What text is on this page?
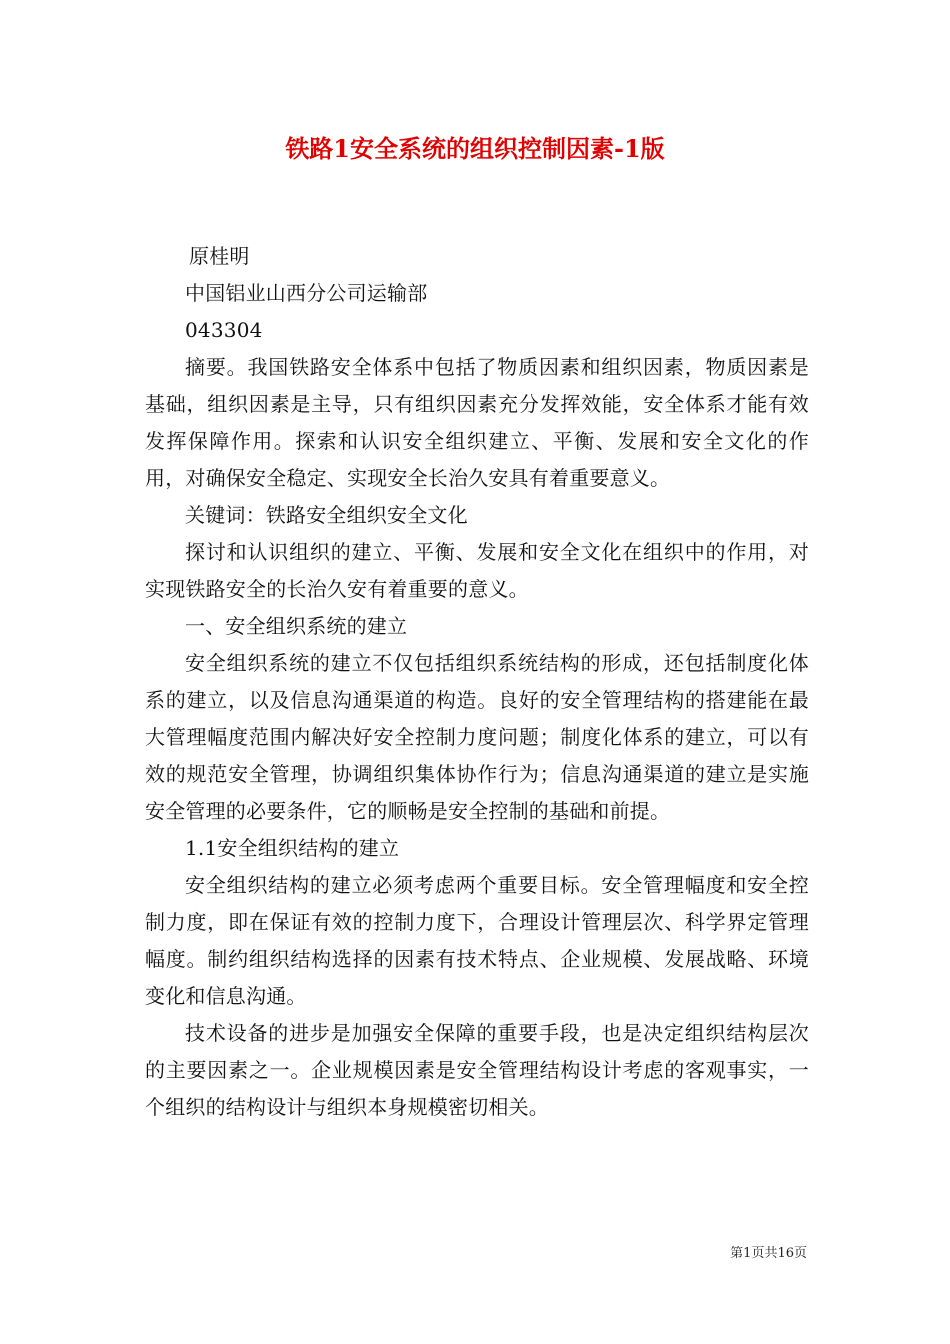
铁路1安全系统的组织控制因素-1版

原桂明

中国铝业山西分公司运输部

043304

摘要。我国铁路安全体系中包括了物质因素和组织因素，物质因素是基础，组织因素是主导，只有组织因素充分发挥效能，安全体系才能有效发挥保障作用。探索和认识安全组织建立、平衡、发展和安全文化的作用，对确保安全稳定、实现安全长治久安具有着重要意义。

关键词：铁路安全组织安全文化

探讨和认识组织的建立、平衡、发展和安全文化在组织中的作用，对实现铁路安全的长治久安有着重要的意义。

一、安全组织系统的建立

安全组织系统的建立不仅包括组织系统结构的形成，还包括制度化体系的建立，以及信息沟通渠道的构造。良好的安全管理结构的搭建能在最大管理幅度范围内解决好安全控制力度问题；制度化体系的建立，可以有效的规范安全管理，协调组织集体协作行为；信息沟通渠道的建立是实施安全管理的必要条件，它的顺畅是安全控制的基础和前提。

1.1安全组织结构的建立

安全组织结构的建立必须考虑两个重要目标。安全管理幅度和安全控制力度，即在保证有效的控制力度下，合理设计管理层次、科学界定管理幅度。制约组织结构选择的因素有技术特点、企业规模、发展战略、环境变化和信息沟通。

技术设备的进步是加强安全保障的重要手段，也是决定组织结构层次的主要因素之一。企业规模因素是安全管理结构设计考虑的客观事实，一个组织的结构设计与组织本身规模密切相关。

第1页共16页
